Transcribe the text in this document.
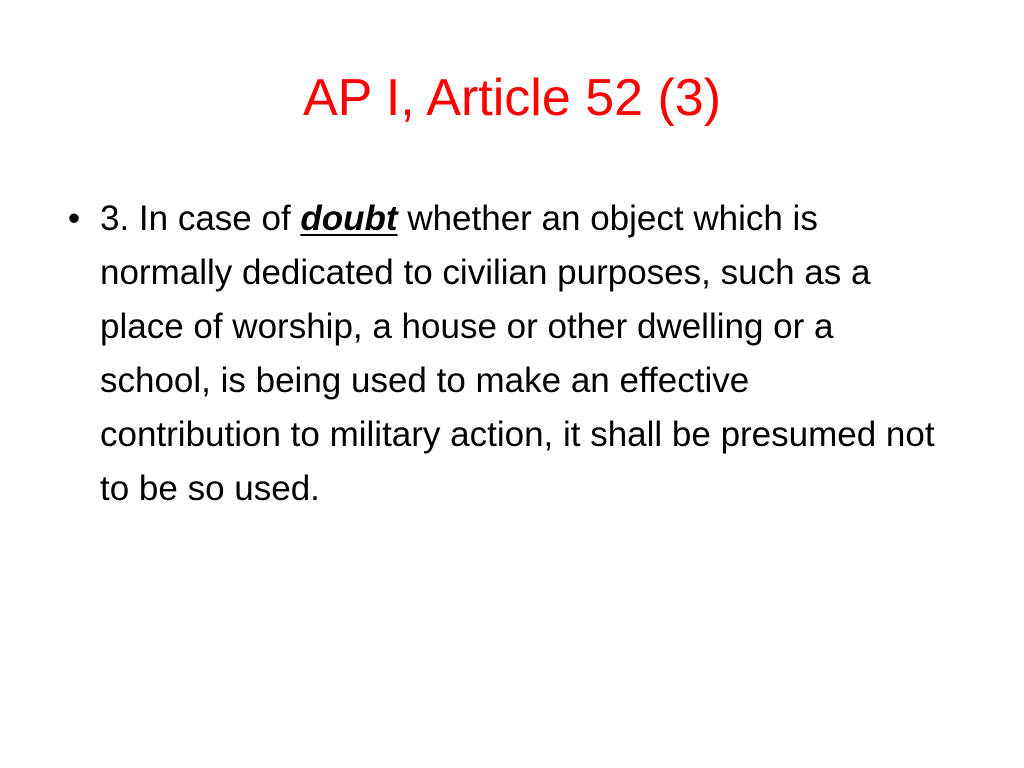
AP I, Article 52 (3)
• 3. In case of doubt whether an object which is normally dedicated to civilian purposes, such as a place of worship, a house or other dwelling or a school, is being used to make an effective contribution to military action, it shall be presumed not to be so used.
